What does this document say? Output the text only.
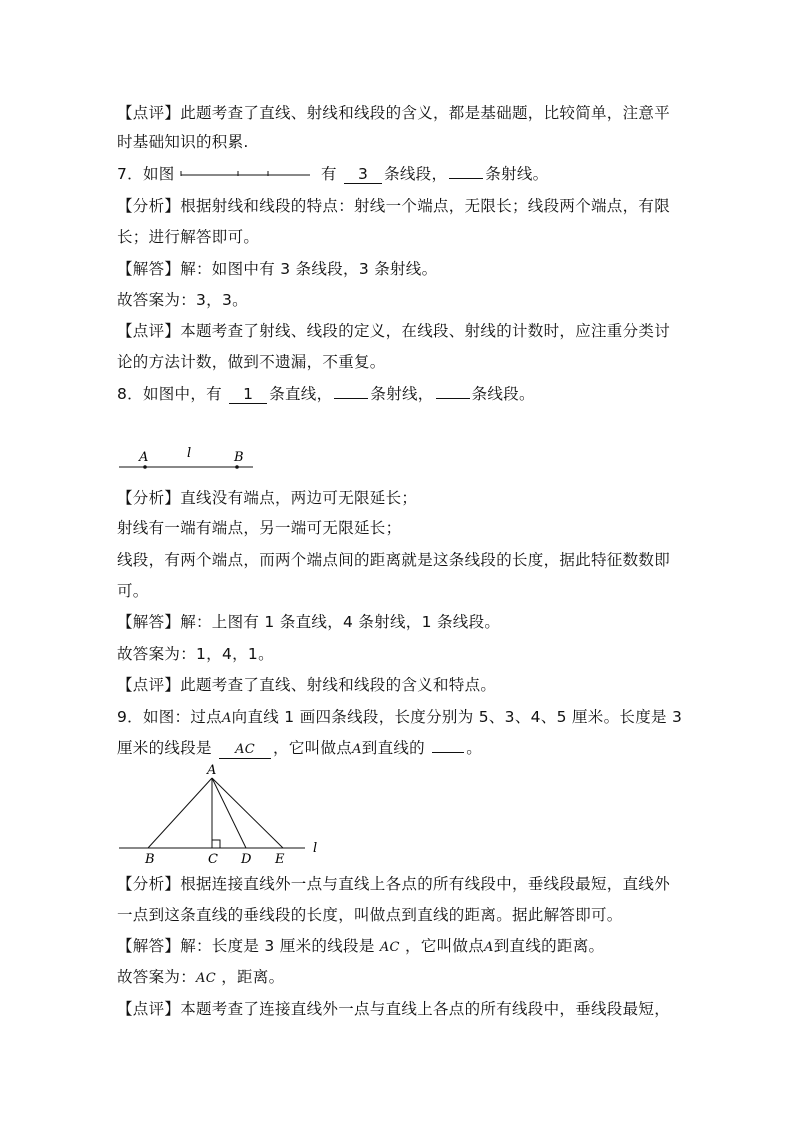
【点评】此题考查了直线、射线和线段的含义，都是基础题，比较简单，注意平
时基础知识的积累.
7．如图	有 3 条线段， 条射线。
【分析】根据射线和线段的特点：射线一个端点，无限长；线段两个端点，有限
长；进行解答即可。
【解答】解：如图中有 3 条线段，3 条射线。
故答案为：3，3。
【点评】本题考查了射线、线段的定义，在线段、射线的计数时，应注重分类讨
论的方法计数，做到不遗漏，不重复。
8．如图中，有 1 条直线， 条射线， 条线段。
A	l	B
【分析】直线没有端点，两边可无限延长；
射线有一端有端点，另一端可无限延长；
线段，有两个端点，而两个端点间的距离就是这条线段的长度，据此特征数数即
可。
【解答】解：上图有 1 条直线，4 条射线，1 条线段。
故答案为：1，4，1。
【点评】此题考查了直线、射线和线段的含义和特点。
9．如图：过点A向直线 1 画四条线段，长度分别为 5、3、4、5 厘米。长度是 3
厘米的线段是 AC ，它叫做点A到直线的	。
A
B	C D E
l
【分析】根据连接直线外一点与直线上各点的所有线段中，垂线段最短，直线外
一点到这条直线的垂线段的长度，叫做点到直线的距离。据此解答即可。
【解答】解：长度是 3 厘米的线段是 AC ，它叫做点A到直线的距离。
故答案为：AC ，距离。
【点评】本题考查了连接直线外一点与直线上各点的所有线段中，垂线段最短，
